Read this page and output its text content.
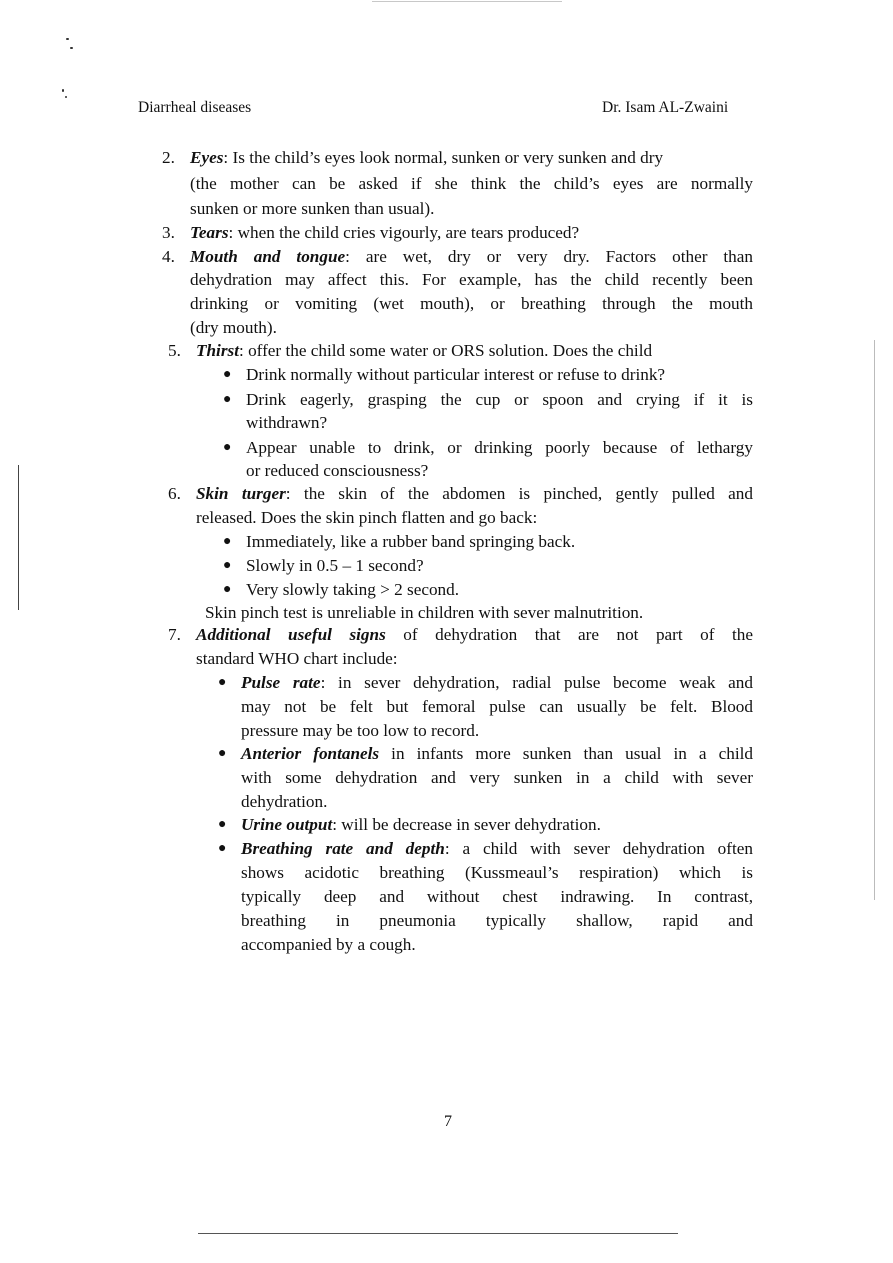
Diarrheal diseases	Dr. Isam AL-Zwaini
2. Eyes: Is the child’s eyes look normal, sunken or very sunken and dry
(the mother can be asked if she think the child’s eyes are normally
sunken or more sunken than usual).
3. Tears: when the child cries vigourly, are tears produced?
4. Mouth and tongue: are wet, dry or very dry. Factors other than
dehydration may affect this. For example, has the child recently been
drinking or vomiting (wet mouth), or breathing through the mouth
(dry mouth).
5. Thirst: offer the child some water or ORS solution. Does the child
● Drink normally without particular interest or refuse to drink?
● Drink eagerly, grasping the cup or spoon and crying if it is
withdrawn?
● Appear unable to drink, or drinking poorly because of lethargy
or reduced consciousness?
6. Skin turger: the skin of the abdomen is pinched, gently pulled and
released. Does the skin pinch flatten and go back:
● Immediately, like a rubber band springing back.
● Slowly in 0.5 – 1 second?
● Very slowly taking > 2 second.
Skin pinch test is unreliable in children with sever malnutrition.
7. Additional useful signs of dehydration that are not part of the
standard WHO chart include:
● Pulse rate: in sever dehydration, radial pulse become weak and
may not be felt but femoral pulse can usually be felt. Blood
pressure may be too low to record.
● Anterior fontanels in infants more sunken than usual in a child
with some dehydration and very sunken in a child with sever
dehydration.
● Urine output: will be decrease in sever dehydration.
● Breathing rate and depth: a child with sever dehydration often
shows acidotic breathing (Kussmeaul’s respiration) which is
typically deep and without chest indrawing. In contrast,
breathing in pneumonia typically shallow, rapid and
accompanied by a cough.
7
